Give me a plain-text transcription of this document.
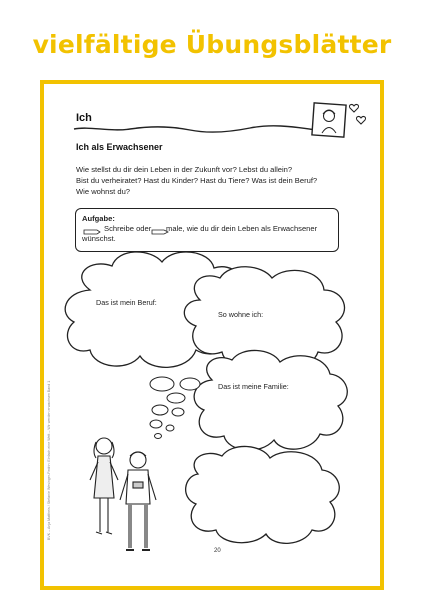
vielfältige Übungsblätter
Ich
Ich als Erwachsener
Wie stellst du dir dein Leben in der Zukunft vor? Lebst du allein?
Bist du verheiratet? Hast du Kinder? Hast du Tiere? Was ist dein Beruf?
Wie wohnst du?
Aufgabe:
Schreibe oder       male, wie du dir dein Leben als Erwachsener
wünschst.
Das ist mein Beruf:
So wohne ich:
Das ist meine Familie:
BVK – Anja Mattheis / Stefanie Wesinger-Fedrin: Einfach eine Welt – Wir werden erwachsen Band 1
20
